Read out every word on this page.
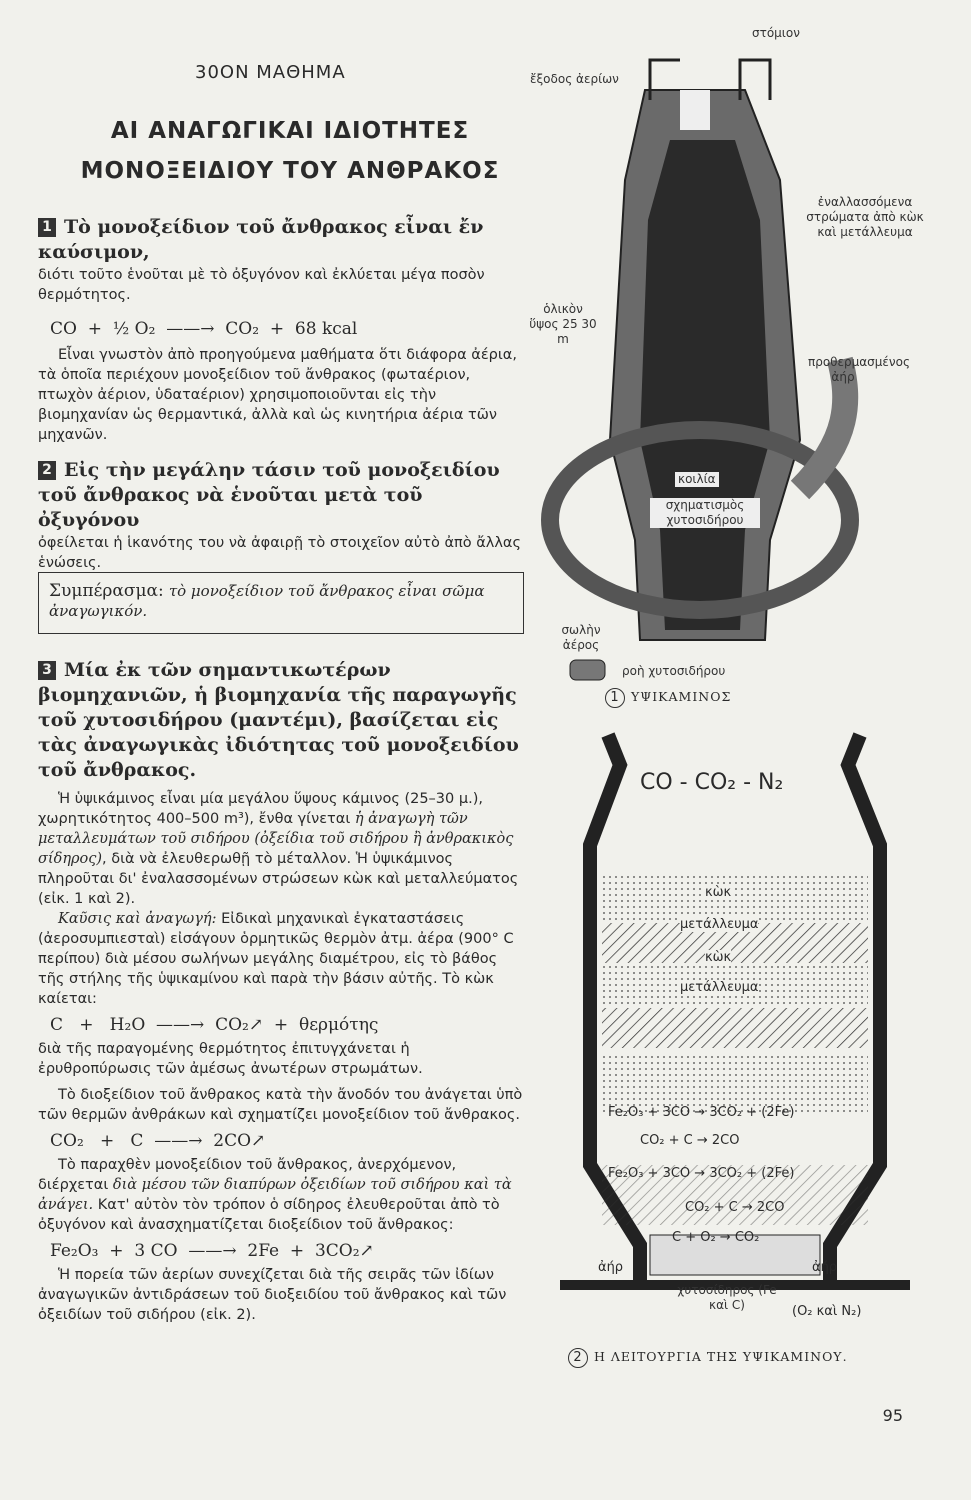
30ΟΝ ΜΑΘΗΜΑ
ΑΙ ΑΝΑΓΩΓΙΚΑΙ ΙΔΙΟΤΗΤΕΣ
ΜΟΝΟΞΕΙΔΙΟΥ ΤΟΥ ΑΝΘΡΑΚΟΣ
1 Τὸ μονοξείδιον τοῦ ἄνθρακος εἶναι ἔν καύσιμον,
διότι τοῦτο ἑνοῦται μὲ τὸ ὀξυγόνον καὶ ἐκλύεται μέγα ποσὸν θερμότητος.
CO  +  ½ O₂  ——→  CO₂  +  68 kcal
Εἶναι γνωστὸν ἀπὸ προηγούμενα μαθήματα ὅτι διάφορα ἀέρια, τὰ ὁποῖα περιέχουν μονοξείδιον τοῦ ἄνθρακος (φωταέριον, πτωχὸν ἀέριον, ὑδαταέριον) χρησιμοποιοῦνται εἰς τὴν βιομηχανίαν ὡς θερμαντικά, ἀλλὰ καὶ ὡς κινητήρια ἀέρια τῶν μηχανῶν.
2 Εἰς τὴν μεγάλην τάσιν τοῦ μονοξειδίου τοῦ ἄνθρακος νὰ ἑνοῦται μετὰ τοῦ ὀξυγόνου
ὀφείλεται ἡ ἱκανότης του νὰ ἀφαιρῇ τὸ στοιχεῖον αὐτὸ ἀπὸ ἄλλας ἑνώσεις.
Συμπέρασμα: τὸ μονοξείδιον τοῦ ἄνθρακος εἶναι σῶμα ἀναγωγικόν.
3 Μία ἐκ τῶν σημαντικωτέρων βιομηχανιῶν, ἡ βιομηχανία τῆς παραγωγῆς τοῦ χυτοσιδήρου (μαντέμι), βασίζεται εἰς τὰς ἀναγωγικὰς ἰδιότητας τοῦ μονοξειδίου τοῦ ἄνθρακος.
Ἡ ὑψικάμινος εἶναι μία μεγάλου ὕψους κάμινος (25–30 μ.), χωρητικότητος 400–500 m³), ἔνθα γίνεται ἡ ἀναγωγὴ τῶν μεταλλευμάτων τοῦ σιδήρου (ὀξείδια τοῦ σιδήρου ἢ ἀνθρακικὸς σίδηρος), διὰ νὰ ἐλευθερωθῇ τὸ μέταλλον. Ἡ ὑψικάμινος πληροῦται δι' ἐναλασσομένων στρώσεων κὼκ καὶ μεταλλεύματος (εἰκ. 1 καὶ 2).
Καῦσις καὶ ἀναγωγή: Εἰδικαὶ μηχανικαὶ ἐγκαταστάσεις (ἀεροσυμπιεσταὶ) εἰσάγουν ὁρμητικῶς θερμὸν ἀτμ. ἀέρα (900° C περίπου) διὰ μέσου σωλήνων μεγάλης διαμέτρου, εἰς τὸ βάθος τῆς στήλης τῆς ὑψικαμίνου καὶ παρὰ τὴν βάσιν αὐτῆς. Τὸ κὼκ καίεται:
C   +   H₂O  ——→  CO₂↗  +  θερμότης
διὰ τῆς παραγομένης θερμότητος ἐπιτυγχάνεται ἡ ἐρυθροπύρωσις τῶν ἀμέσως ἀνωτέρων στρωμάτων.
Τὸ διοξείδιον τοῦ ἄνθρακος κατὰ τὴν ἄνοδόν του ἀνάγεται ὑπὸ τῶν θερμῶν ἀνθράκων καὶ σχηματίζει μονοξείδιον τοῦ ἄνθρακος.
CO₂   +   C  ——→  2CO↗
Τὸ παραχθὲν μονοξείδιον τοῦ ἄνθρακος, ἀνερχόμενον, διέρχεται διὰ μέσου τῶν διαπύρων ὀξειδίων τοῦ σιδήρου καὶ τὰ ἀνάγει. Κατ' αὐτὸν τὸν τρόπον ὁ σίδηρος ἐλευθεροῦται ἀπὸ τὸ ὀξυγόνον καὶ ἀνασχηματίζεται διοξείδιον τοῦ ἄνθρακος:
Fe₂O₃  +  3 CO  ——→  2Fe  +  3CO₂↗
Ἡ πορεία τῶν ἀερίων συνεχίζεται διὰ τῆς σειρᾶς τῶν ἰδίων ἀναγωγικῶν ἀντιδράσεων τοῦ διοξειδίου τοῦ ἄνθρακος καὶ τῶν ὀξειδίων τοῦ σιδήρου (εἰκ. 2).
στόμιον
ἔξοδος ἀερίων
ἐναλλασσόμενα στρώματα ἀπὸ κὼκ καὶ μετάλλευμα
ὁλικὸν ὕψος 25 30 m
προθερμασμένος ἀήρ
κοιλία
σχηματισμὸς χυτοσιδήρου
σωλὴν ἀέρος
ροὴ χυτοσιδήρου
1 ΥΨΙΚΑΜΙΝΟΣ
CO - CO₂ - N₂
κὼκ
μετάλλευμα
κὼκ
μετάλλευμα
Fe₂O₃ + 3CO → 3CO₂ + (2Fe)
CO₂ + C → 2CO
Fe₂O₃ + 3CO → 3CO₂ + (2Fe)
CO₂ + C → 2CO
C + O₂ → CO₂
ἀήρ	ἀήρ
χυτοσίδηρος (Fe καὶ C)	(O₂ καὶ N₂)
2 Η ΛΕΙΤΟΥΡΓΙΑ ΤΗΣ ΥΨΙΚΑΜΙΝΟΥ.
95
